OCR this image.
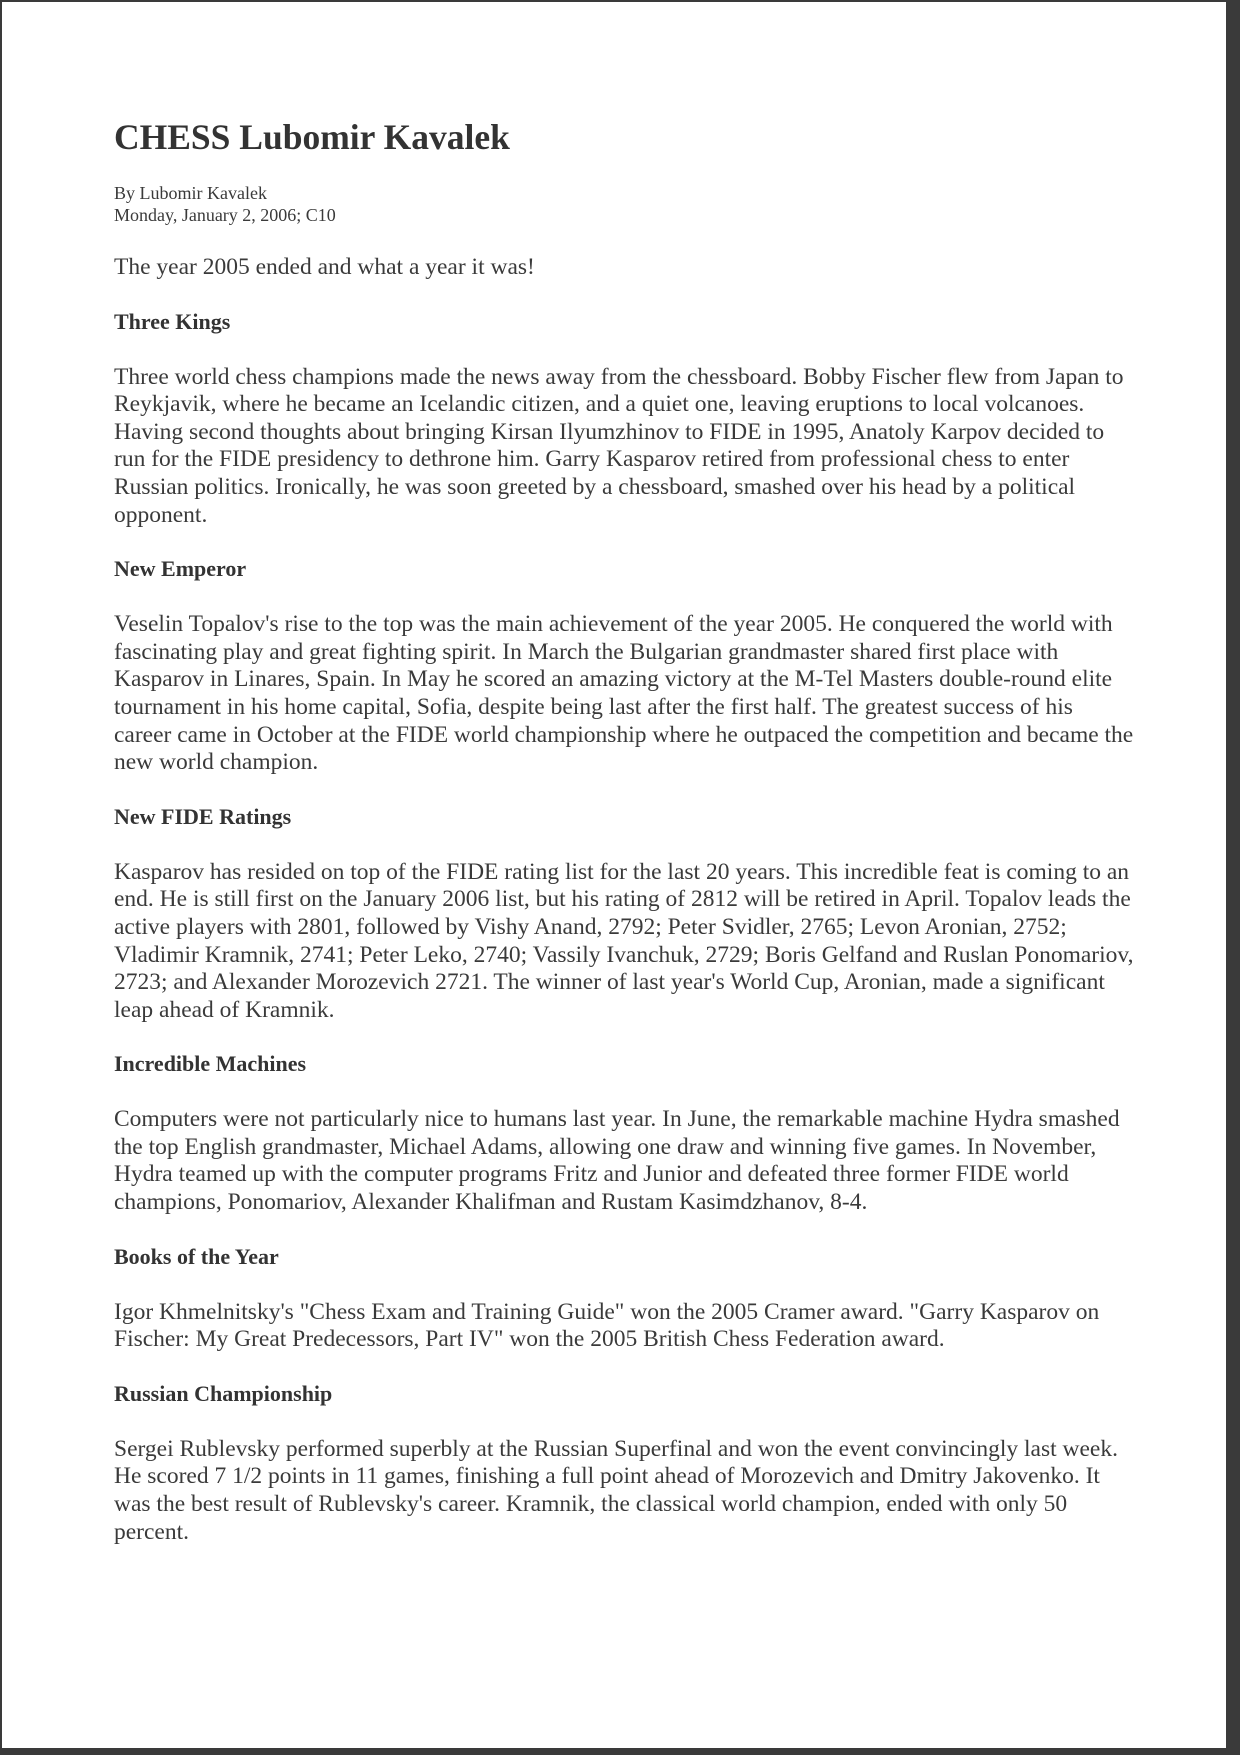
CHESS Lubomir Kavalek
By Lubomir Kavalek
Monday, January 2, 2006; C10

The year 2005 ended and what a year it was!

Three Kings

Three world chess champions made the news away from the chessboard. Bobby Fischer flew from Japan to Reykjavik, where he became an Icelandic citizen, and a quiet one, leaving eruptions to local volcanoes. Having second thoughts about bringing Kirsan Ilyumzhinov to FIDE in 1995, Anatoly Karpov decided to run for the FIDE presidency to dethrone him. Garry Kasparov retired from professional chess to enter Russian politics. Ironically, he was soon greeted by a chessboard, smashed over his head by a political opponent.

New Emperor

Veselin Topalov's rise to the top was the main achievement of the year 2005. He conquered the world with fascinating play and great fighting spirit. In March the Bulgarian grandmaster shared first place with Kasparov in Linares, Spain. In May he scored an amazing victory at the M-Tel Masters double-round elite tournament in his home capital, Sofia, despite being last after the first half. The greatest success of his career came in October at the FIDE world championship where he outpaced the competition and became the new world champion.

New FIDE Ratings

Kasparov has resided on top of the FIDE rating list for the last 20 years. This incredible feat is coming to an end. He is still first on the January 2006 list, but his rating of 2812 will be retired in April. Topalov leads the active players with 2801, followed by Vishy Anand, 2792; Peter Svidler, 2765; Levon Aronian, 2752; Vladimir Kramnik, 2741; Peter Leko, 2740; Vassily Ivanchuk, 2729; Boris Gelfand and Ruslan Ponomariov, 2723; and Alexander Morozevich 2721. The winner of last year's World Cup, Aronian, made a significant leap ahead of Kramnik.

Incredible Machines

Computers were not particularly nice to humans last year. In June, the remarkable machine Hydra smashed the top English grandmaster, Michael Adams, allowing one draw and winning five games. In November, Hydra teamed up with the computer programs Fritz and Junior and defeated three former FIDE world champions, Ponomariov, Alexander Khalifman and Rustam Kasimdzhanov, 8-4.

Books of the Year

Igor Khmelnitsky's "Chess Exam and Training Guide" won the 2005 Cramer award. "Garry Kasparov on Fischer: My Great Predecessors, Part IV" won the 2005 British Chess Federation award.

Russian Championship

Sergei Rublevsky performed superbly at the Russian Superfinal and won the event convincingly last week. He scored 7 1/2 points in 11 games, finishing a full point ahead of Morozevich and Dmitry Jakovenko. It was the best result of Rublevsky's career. Kramnik, the classical world champion, ended with only 50 percent.
